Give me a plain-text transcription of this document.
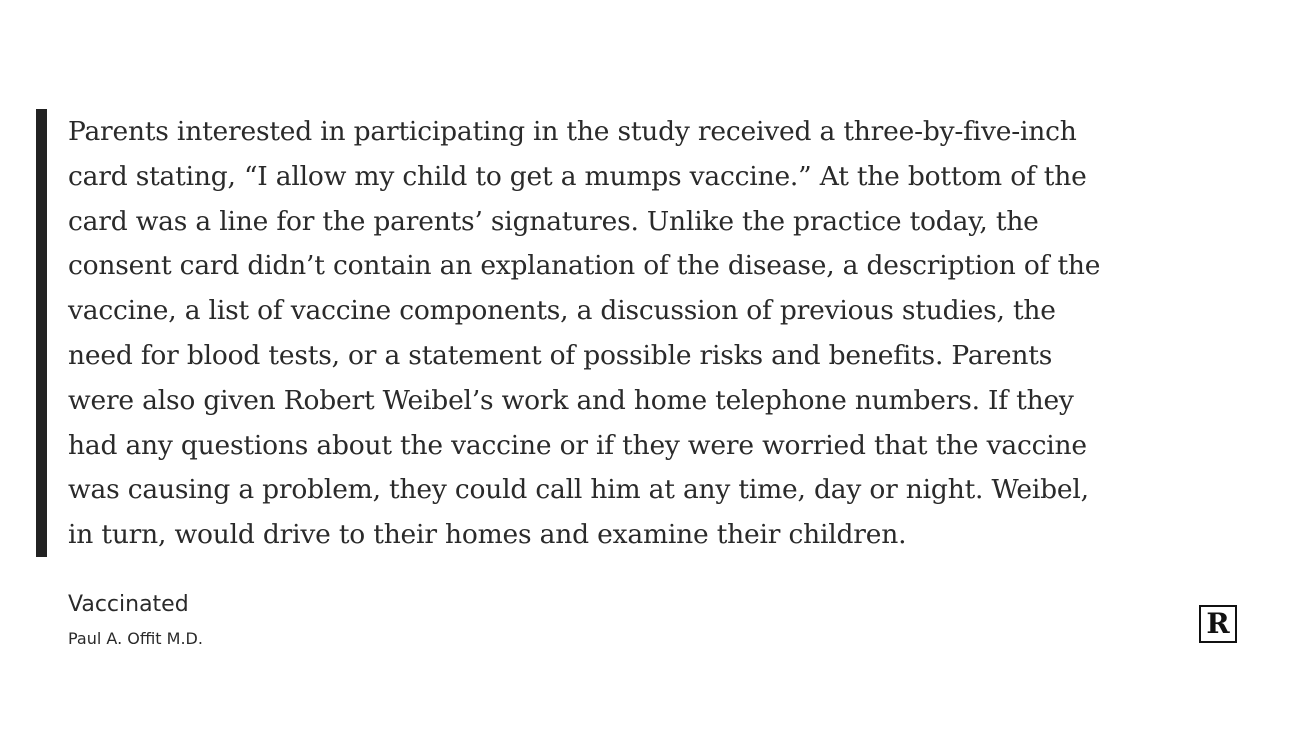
Parents interested in participating in the study received a three-by-five-inch
card stating, “I allow my child to get a mumps vaccine.” At the bottom of the
card was a line for the parents’ signatures. Unlike the practice today, the
consent card didn’t contain an explanation of the disease, a description of the
vaccine, a list of vaccine components, a discussion of previous studies, the
need for blood tests, or a statement of possible risks and benefits. Parents
were also given Robert Weibel’s work and home telephone numbers. If they
had any questions about the vaccine or if they were worried that the vaccine
was causing a problem, they could call him at any time, day or night. Weibel,
in turn, would drive to their homes and examine their children.

Vaccinated
Paul A. Offit M.D.	R
